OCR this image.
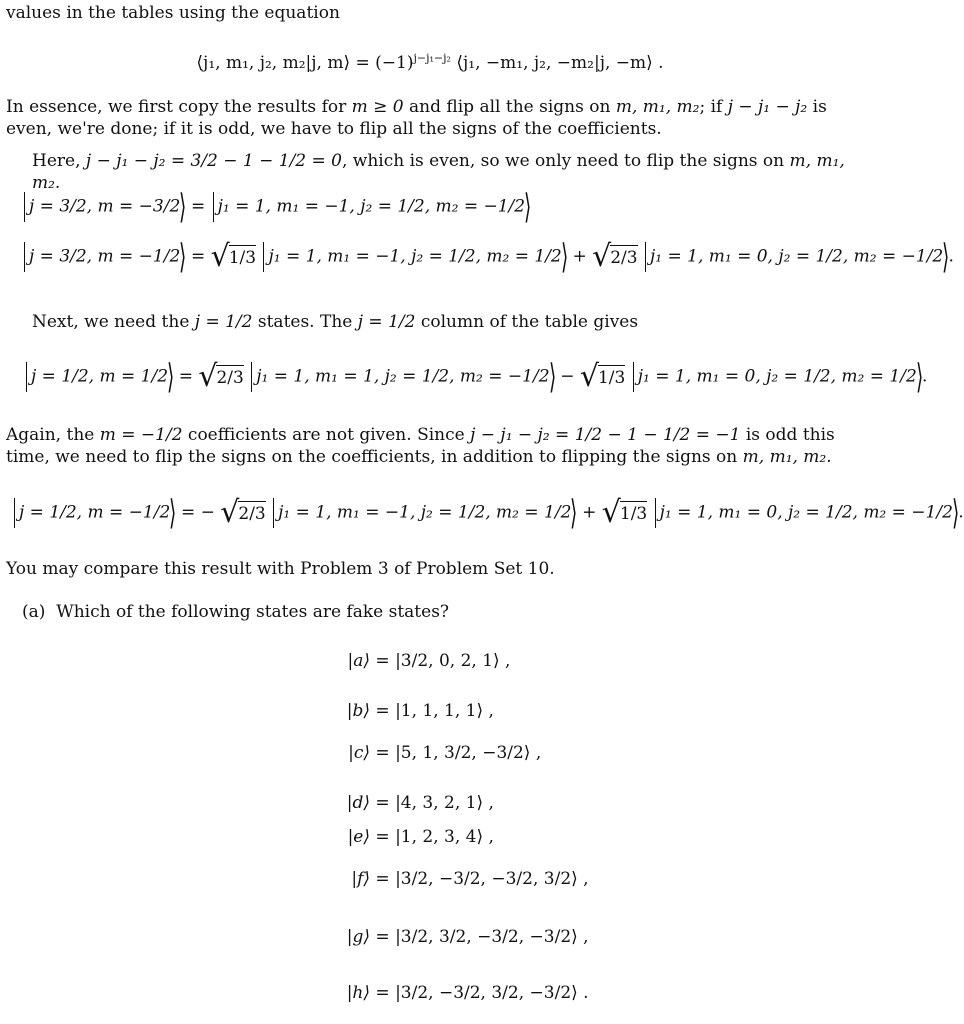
values in the tables using the equation

⟨j₁, m₁, j₂, m₂|j, m⟩ = $(-1)^{j-j_1-j_2}$ ⟨j₁, −m₁, j₂, −m₂|j, −m⟩ .

In essence, we first copy the results for m ≥ 0 and flip all the signs on m, m₁, m₂; if j − j₁ − j₂ is even, we're done; if it is odd, we have to flip all the signs of the coefficients.

Here, j − j₁ − j₂ = 3/2 − 1 − 1/2 = 0, which is even, so we only need to flip the signs on m, m₁, m₂.

j = 3/2, m = −3/2⟩ = j₁ = 1, m₁ = −1, j₂ = 1/2, m₂ = −1/2⟩
j = 3/2, m = −1/2⟩ = √ 1/3 j₁ = 1, m₁ = −1, j₂ = 1/2, m₂ = 1/2⟩ + √ 2/3 j₁ = 1, m₁ = 0, j₂ = 1/2, m₂ = −1/2⟩.

Next, we need the j = 1/2 states. The j = 1/2 column of the table gives

j = 1/2, m = 1/2⟩ = √ 2/3 j₁ = 1, m₁ = 1, j₂ = 1/2, m₂ = −1/2⟩ − √ 1/3 j₁ = 1, m₁ = 0, j₂ = 1/2, m₂ = 1/2⟩.

Again, the m = −1/2 coefficients are not given. Since j − j₁ − j₂ = 1/2 − 1 − 1/2 = −1 is odd this time, we need to flip the signs on the coefficients, in addition to flipping the signs on m, m₁, m₂.

j = 1/2, m = −1/2⟩ = − √ 2/3 j₁ = 1, m₁ = −1, j₂ = 1/2, m₂ = 1/2⟩ + √ 1/3 j₁ = 1, m₁ = 0, j₂ = 1/2, m₂ = −1/2⟩.

You may compare this result with Problem 3 of Problem Set 10.

(a) Which of the following states are fake states?

|a⟩ = |3/2, 0, 2, 1⟩ ,
|b⟩ = |1, 1, 1, 1⟩ ,
|c⟩ = |5, 1, 3/2, −3/2⟩ ,
|d⟩ = |4, 3, 2, 1⟩ ,
|e⟩ = |1, 2, 3, 4⟩ ,
|f⟩ = |3/2, −3/2, −3/2, 3/2⟩ ,
|g⟩ = |3/2, 3/2, −3/2, −3/2⟩ ,
|h⟩ = |3/2, −3/2, 3/2, −3/2⟩ .
